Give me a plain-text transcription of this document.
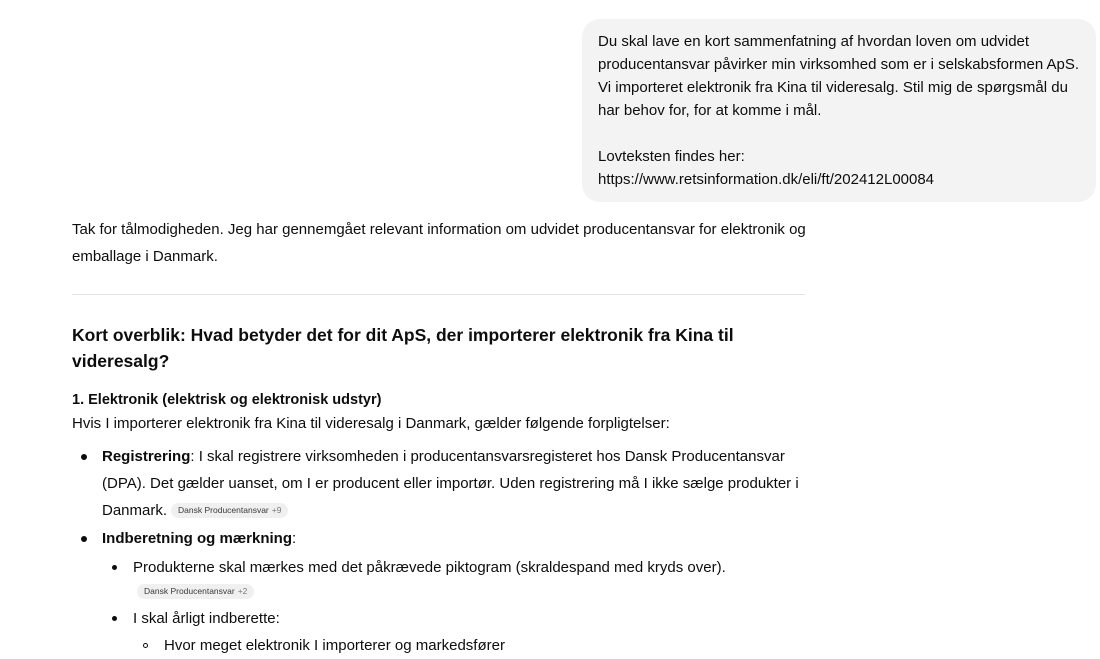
Du skal lave en kort sammenfatning af hvordan loven om udvidet producentansvar påvirker min virksomhed som er i selskabsformen ApS. Vi importeret elektronik fra Kina til videresalg. Stil mig de spørgsmål du har behov for, for at komme i mål.

Lovteksten findes her:

https://www.retsinformation.dk/eli/ft/202412L00084

Tak for tålmodigheden. Jeg har gennemgået relevant information om udvidet producentansvar for elektronik og emballage i Danmark.

Kort overblik: Hvad betyder det for dit ApS, der importerer elektronik fra Kina til videresalg?
1. Elektronik (elektrisk og elektronisk udstyr)
Hvis I importerer elektronik fra Kina til videresalg i Danmark, gælder følgende forpligtelser:
Registrering: I skal registrere virksomheden i producentansvarsregisteret hos Dansk Producentansvar (DPA). Det gælder uanset, om I er producent eller importør. Uden registrering må I ikke sælge produkter i Danmark. Dansk Producentansvar +9
Indberetning og mærkning:
Produkterne skal mærkes med det påkrævede piktogram (skraldespand med kryds over).
Dansk Producentansvar +2
I skal årligt indberette:
Hvor meget elektronik I importerer og markedsfører
